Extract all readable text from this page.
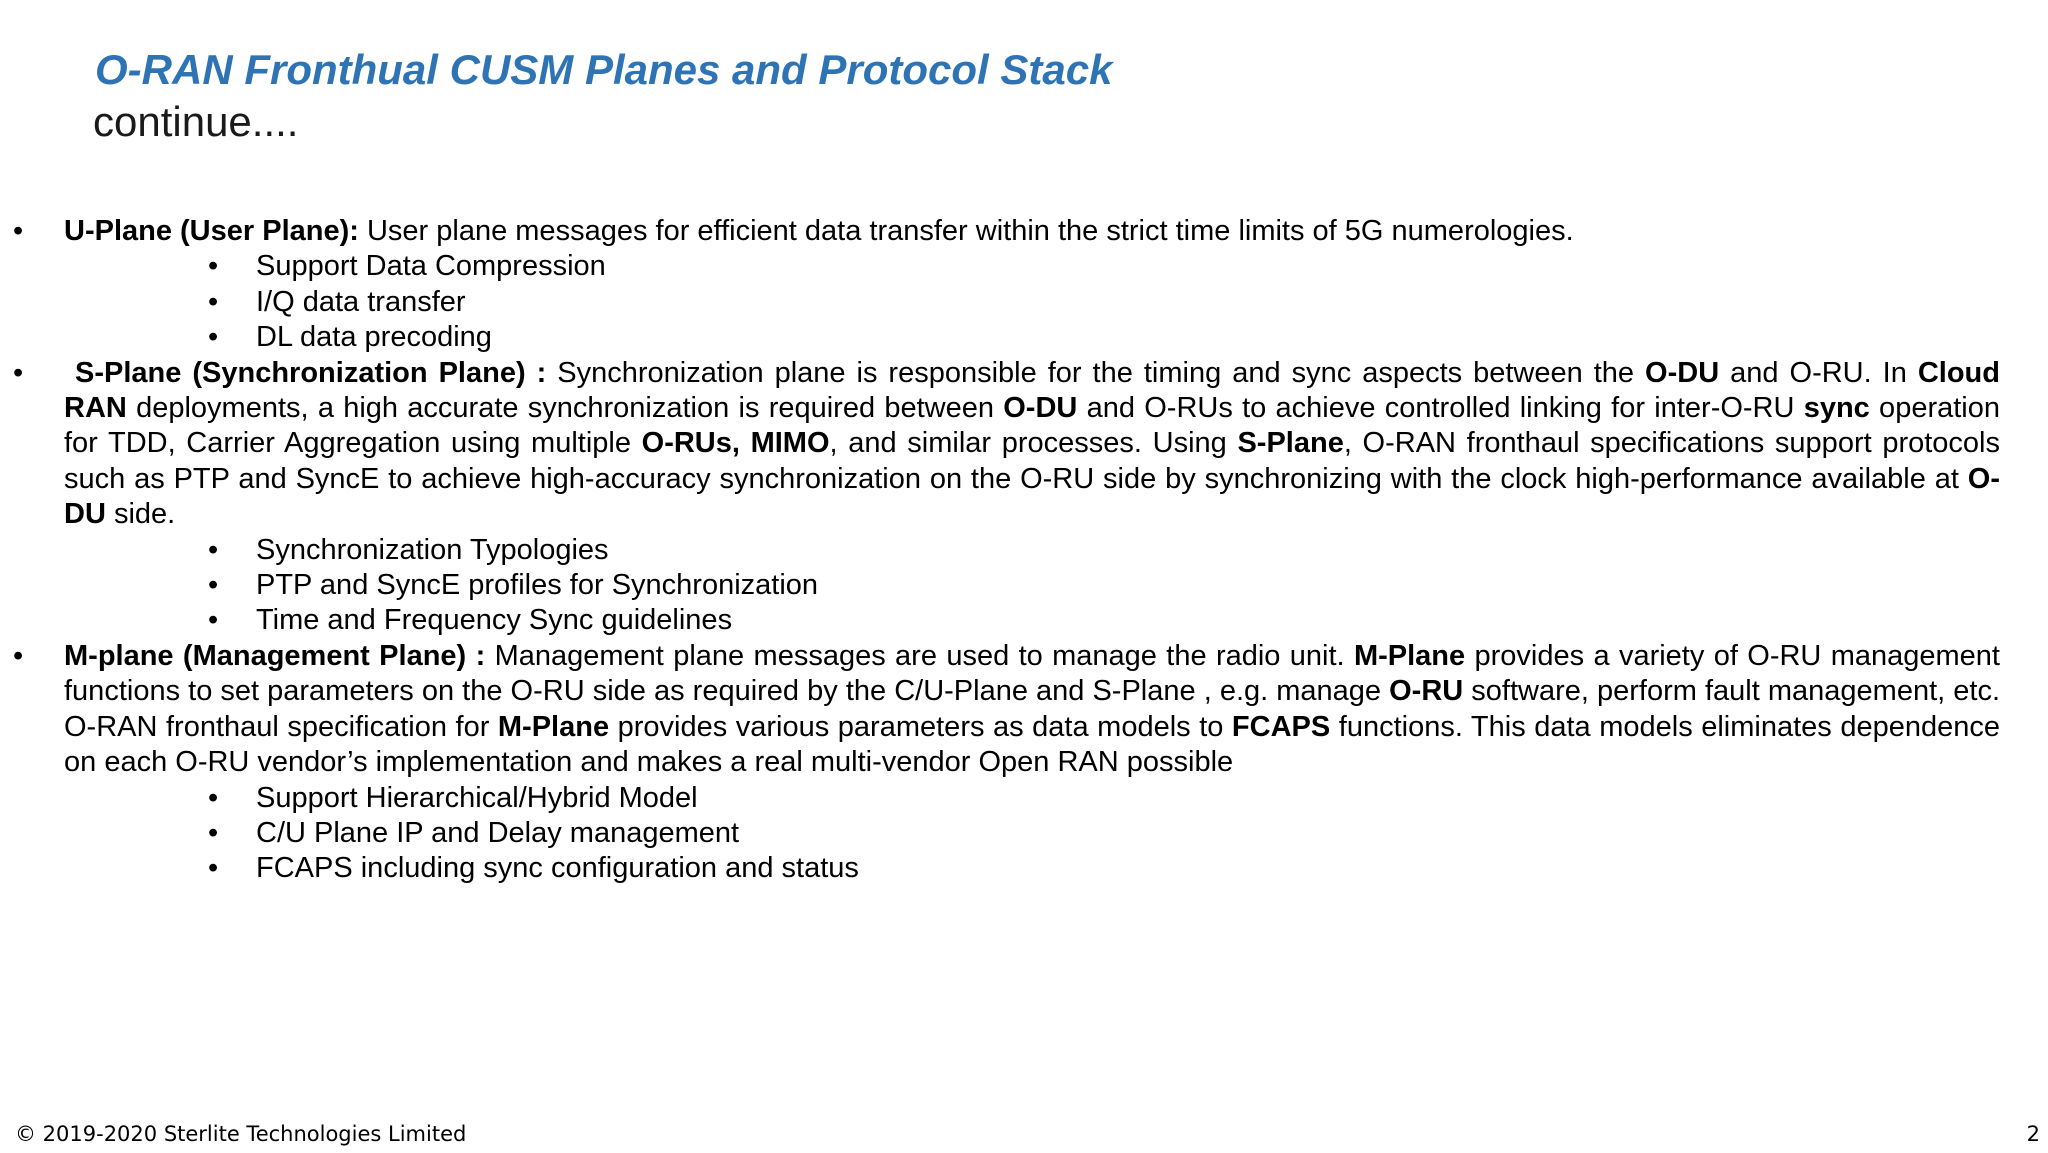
O-RAN Fronthual CUSM Planes and Protocol Stack
continue....
• U-Plane (User Plane): User plane messages for efficient data transfer within the strict time limits of 5G numerologies.

• Support Data Compression
• I/Q data transfer
• DL data precoding
•	S-Plane (Synchronization Plane) : Synchronization plane is responsible for the timing and sync aspects between the O-DU and O-RU. In Cloud RAN deployments, a high accurate synchronization is required between O-DU and O-RUs to achieve controlled linking for inter-O-RU sync operation for TDD, Carrier Aggregation using multiple O-RUs, MIMO, and similar processes. Using S-Plane, O-RAN fronthaul specifications support protocols such as PTP and SyncE to achieve high-accuracy synchronization on the O-RU side by synchronizing with the clock high-performance available at O-DU side.

• Synchronization Typologies
• PTP and SyncE profiles for Synchronization
• Time and Frequency Sync guidelines
• M-plane (Management Plane) : Management plane messages are used to manage the radio unit. M-Plane provides a variety of O-RU management functions to set parameters on the O-RU side as required by the C/U-Plane and S-Plane , e.g. manage O-RU software, perform fault management, etc. O-RAN fronthaul specification for M-Plane provides various parameters as data models to FCAPS functions. This data models eliminates dependence on each O-RU vendor’s implementation and makes a real multi-vendor Open RAN possible

• Support Hierarchical/Hybrid Model
• C/U Plane IP and Delay management
• FCAPS including sync configuration and status
© 2019-2020 Sterlite Technologies Limited	2
